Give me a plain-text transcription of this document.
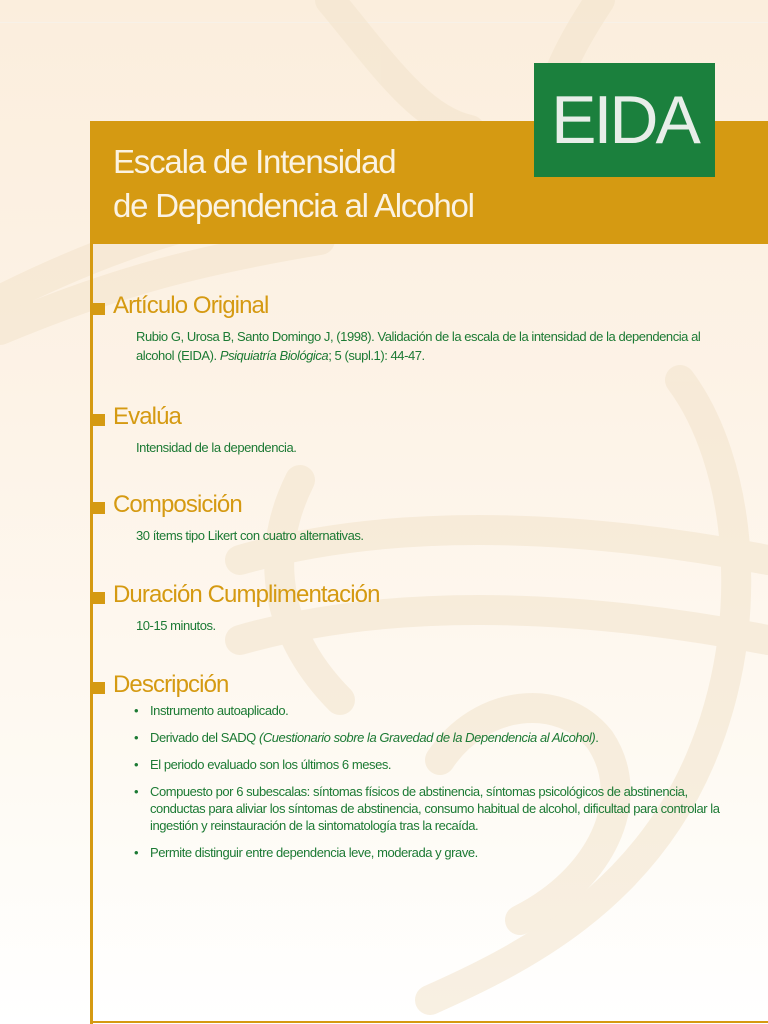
Escala de Intensidad
de Dependencia al Alcohol
EIDA
Artículo Original

Rubio G, Urosa B, Santo Domingo J, (1998). Validación de la escala de la intensidad de la dependencia al alcohol (EIDA). Psiquiatría Biológica; 5 (supl.1): 44-47.

Evalúa

Intensidad de la dependencia.

Composición

30 ítems tipo Likert con cuatro alternativas.

Duración Cumplimentación

10-15 minutos.

Descripción
• Instrumento autoaplicado.
• Derivado del SADQ (Cuestionario sobre la Gravedad de la Dependencia al Alcohol).
• El periodo evaluado son los últimos 6 meses.
• Compuesto por 6 subescalas: síntomas físicos de abstinencia, síntomas psicológicos de abstinencia, conductas para aliviar los síntomas de abstinencia, consumo habitual de alcohol, dificultad para controlar la ingestión y reinstauración de la sintomatología tras la recaída.
• Permite distinguir entre dependencia leve, moderada y grave.
